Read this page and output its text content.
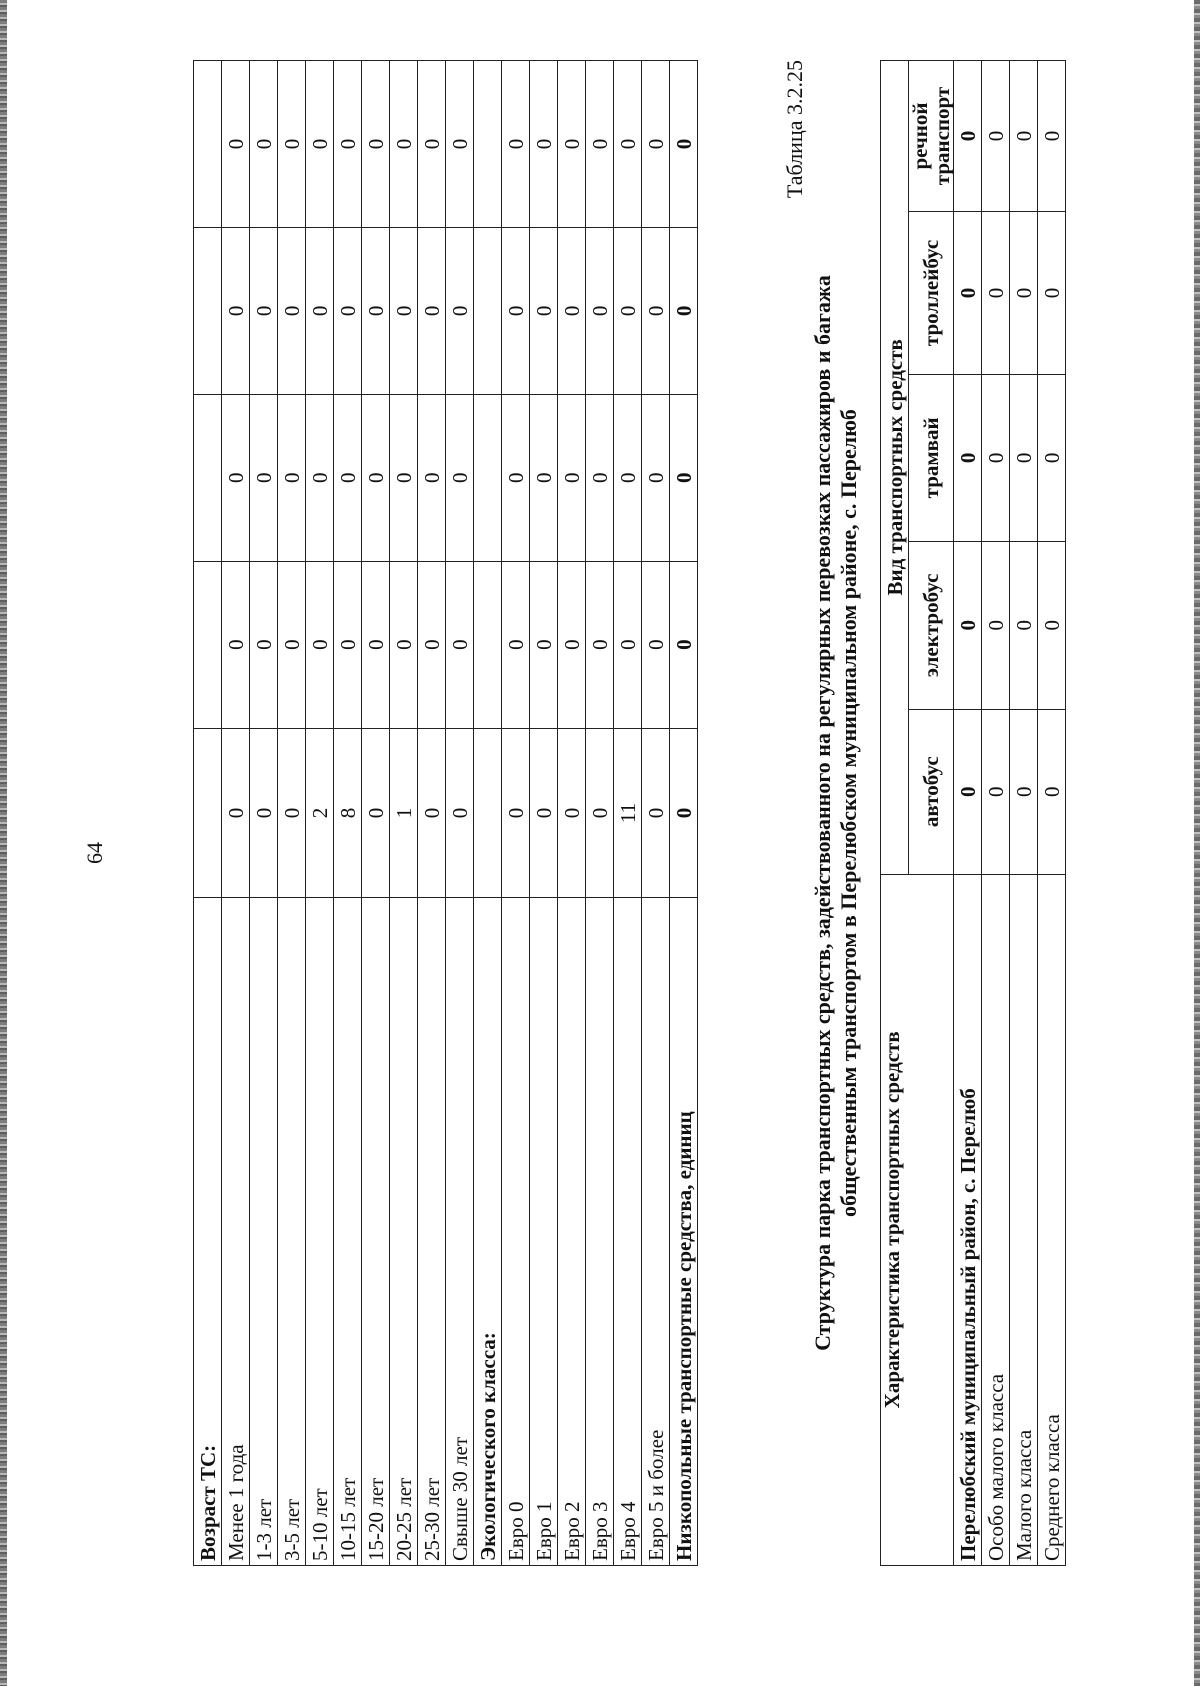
64
Возраст ТС:					
Менее 1 года	0	0	0	0	0
1-3 лет	0	0	0	0	0
3-5 лет	0	0	0	0	0
5-10 лет	2	0	0	0	0
10-15 лет	8	0	0	0	0
15-20 лет	0	0	0	0	0
20-25 лет	1	0	0	0	0
25-30 лет	0	0	0	0	0
Свыше 30 лет	0	0	0	0	0
Экологического класса:					
Евро 0	0	0	0	0	0
Евро 1	0	0	0	0	0
Евро 2	0	0	0	0	0
Евро 3	0	0	0	0	0
Евро 4	11	0	0	0	0
Евро 5 и более	0	0	0	0	0
Низкопольные транспортные средства, единиц	0	0	0	0	0	Таблица 3.2.25
Структура парка транспортных средств, задействованного на регулярных перевозках пассажиров и багажа общественным транспортом в Перелюбском муниципальном районе, с. Перелюб
Характеристика транспортных средств	Вид транспортных средств				
	автобус	электробус	трамвай	троллейбус	речной транспорт
Перелюбский муниципальный район, с. Перелюб	0	0	0	0	0
Особо малого класса	0	0	0	0	0
Малого класса	0	0	0	0	0
Среднего класса	0	0	0	0	0
